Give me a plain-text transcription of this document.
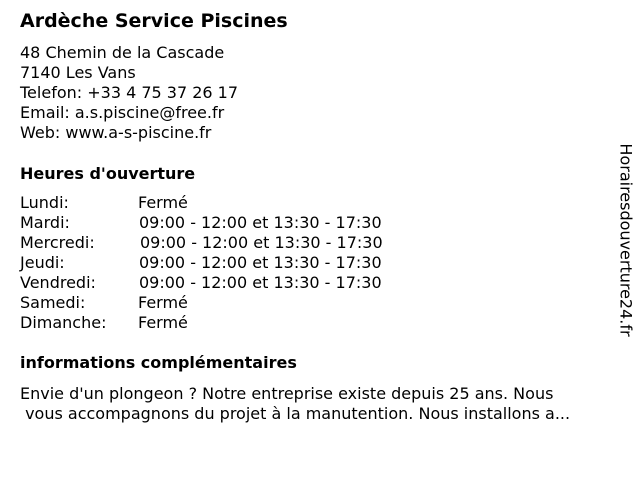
Ardèche Service Piscines
48 Chemin de la Cascade
7140 Les Vans
Telefon: +33 4 75 37 26 17
Email: a.s.piscine@free.fr
Web: www.a-s-piscine.fr
Heures d'ouverture
Lundi:	Fermé
Mardi:	09:00 - 12:00 et 13:30 - 17:30
Mercredi:	09:00 - 12:00 et 13:30 - 17:30
Jeudi:	09:00 - 12:00 et 13:30 - 17:30
Vendredi:	09:00 - 12:00 et 13:30 - 17:30
Samedi:	Fermé
Dimanche: Fermé
informations complémentaires
Envie d'un plongeon ? Notre entreprise existe depuis 25 ans. Nous
vous accompagnons du projet à la manutention. Nous installons a...
Horairesdouverture24.fr
